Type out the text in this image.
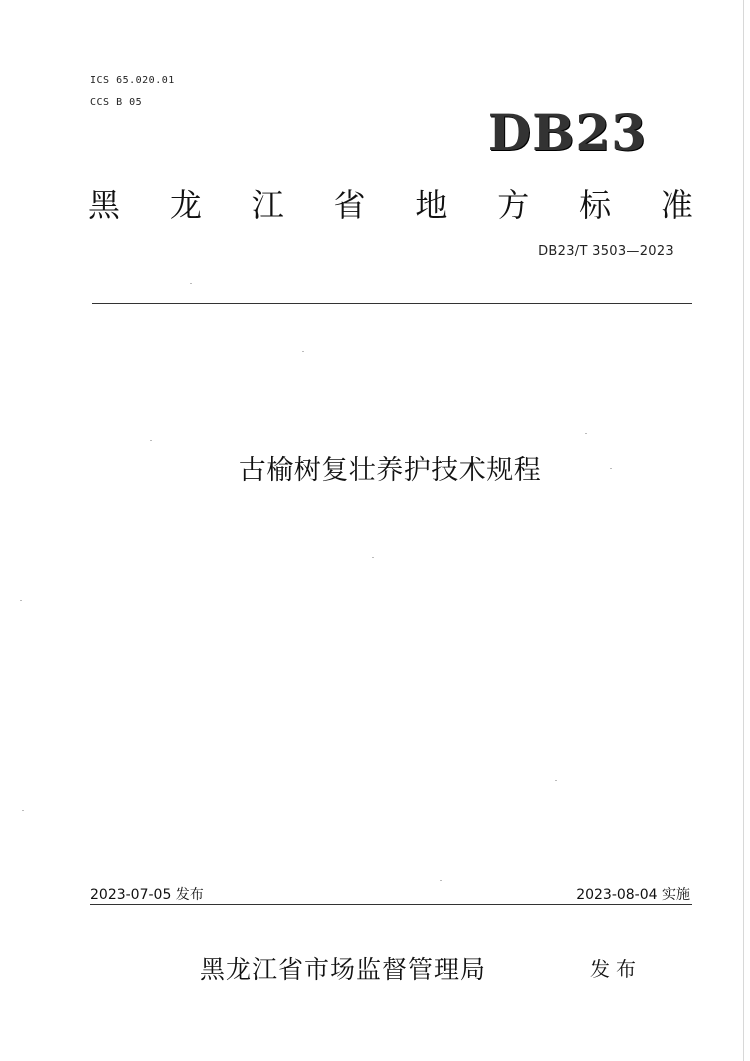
ICS 65.020.01
CCS B 05
DB23
黑 龙 江 省 地 方 标 准
DB23/T 3503—2023
古榆树复壮养护技术规程
2023-07-05 发布	2023-08-04 实施
黑龙江省市场监督管理局	发布
